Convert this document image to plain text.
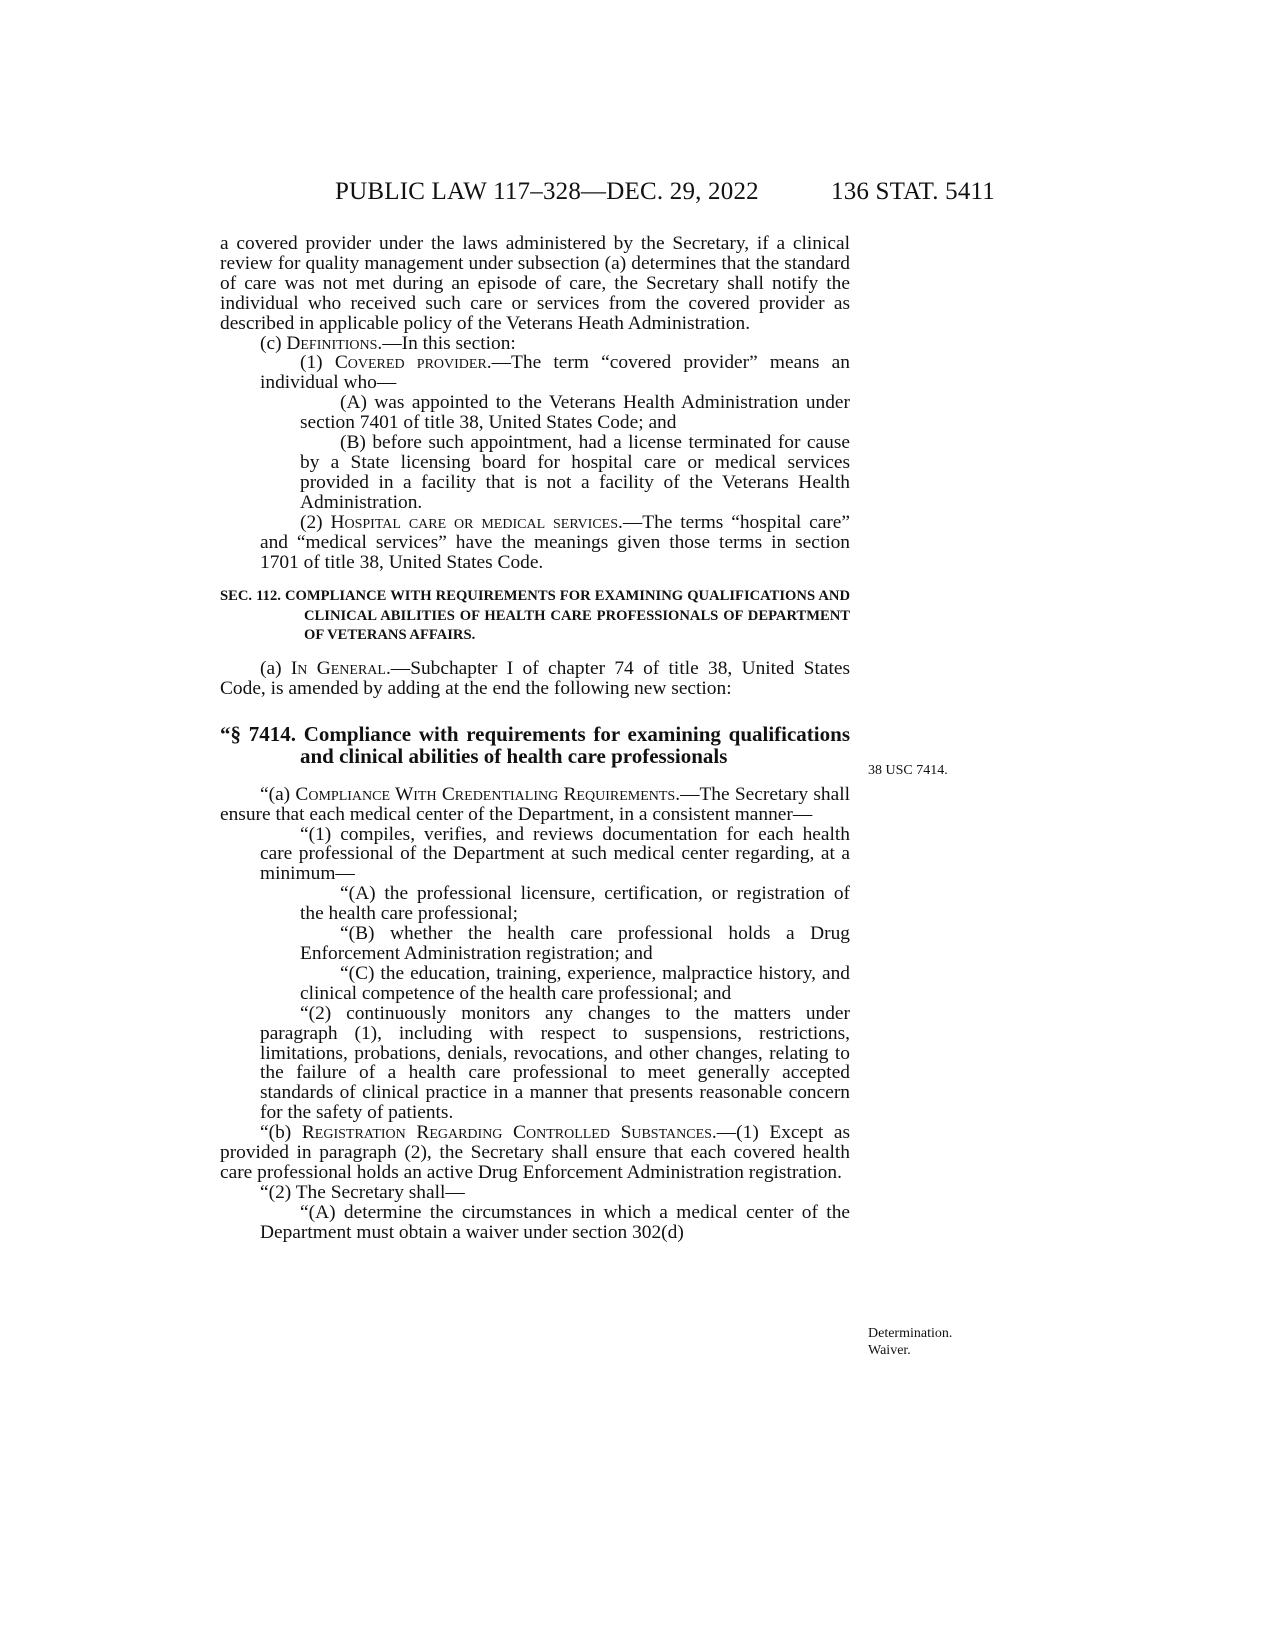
PUBLIC LAW 117–328—DEC. 29, 2022	136 STAT. 5411

a covered provider under the laws administered by the Secretary, if a clinical review for quality management under subsection (a) determines that the standard of care was not met during an episode of care, the Secretary shall notify the individual who received such care or services from the covered provider as described in applicable policy of the Veterans Heath Administration.

(c) Definitions.—In this section:

(1) Covered provider.—The term “covered provider” means an individual who—

(A) was appointed to the Veterans Health Administration under section 7401 of title 38, United States Code; and

(B) before such appointment, had a license terminated for cause by a State licensing board for hospital care or medical services provided in a facility that is not a facility of the Veterans Health Administration.

(2) Hospital care or medical services.—The terms “hospital care” and “medical services” have the meanings given those terms in section 1701 of title 38, United States Code.

SEC. 112. COMPLIANCE WITH REQUIREMENTS FOR EXAMINING QUALIFICATIONS AND CLINICAL ABILITIES OF HEALTH CARE PROFESSIONALS OF DEPARTMENT OF VETERANS AFFAIRS.

(a) In General.—Subchapter I of chapter 74 of title 38, United States Code, is amended by adding at the end the following new section:

“§ 7414. Compliance with requirements for examining qualifications and clinical abilities of health care professionals

“(a) Compliance With Credentialing Requirements.—The Secretary shall ensure that each medical center of the Department, in a consistent manner—

“(1) compiles, verifies, and reviews documentation for each health care professional of the Department at such medical center regarding, at a minimum—

“(A) the professional licensure, certification, or registration of the health care professional;

“(B) whether the health care professional holds a Drug Enforcement Administration registration; and

“(C) the education, training, experience, malpractice history, and clinical competence of the health care professional; and

“(2) continuously monitors any changes to the matters under paragraph (1), including with respect to suspensions, restrictions, limitations, probations, denials, revocations, and other changes, relating to the failure of a health care professional to meet generally accepted standards of clinical practice in a manner that presents reasonable concern for the safety of patients.

“(b) Registration Regarding Controlled Substances.—(1) Except as provided in paragraph (2), the Secretary shall ensure that each covered health care professional holds an active Drug Enforcement Administration registration.

“(2) The Secretary shall—

“(A) determine the circumstances in which a medical center of the Department must obtain a waiver under section 302(d)

38 USC 7414.
Determination.
Waiver.
